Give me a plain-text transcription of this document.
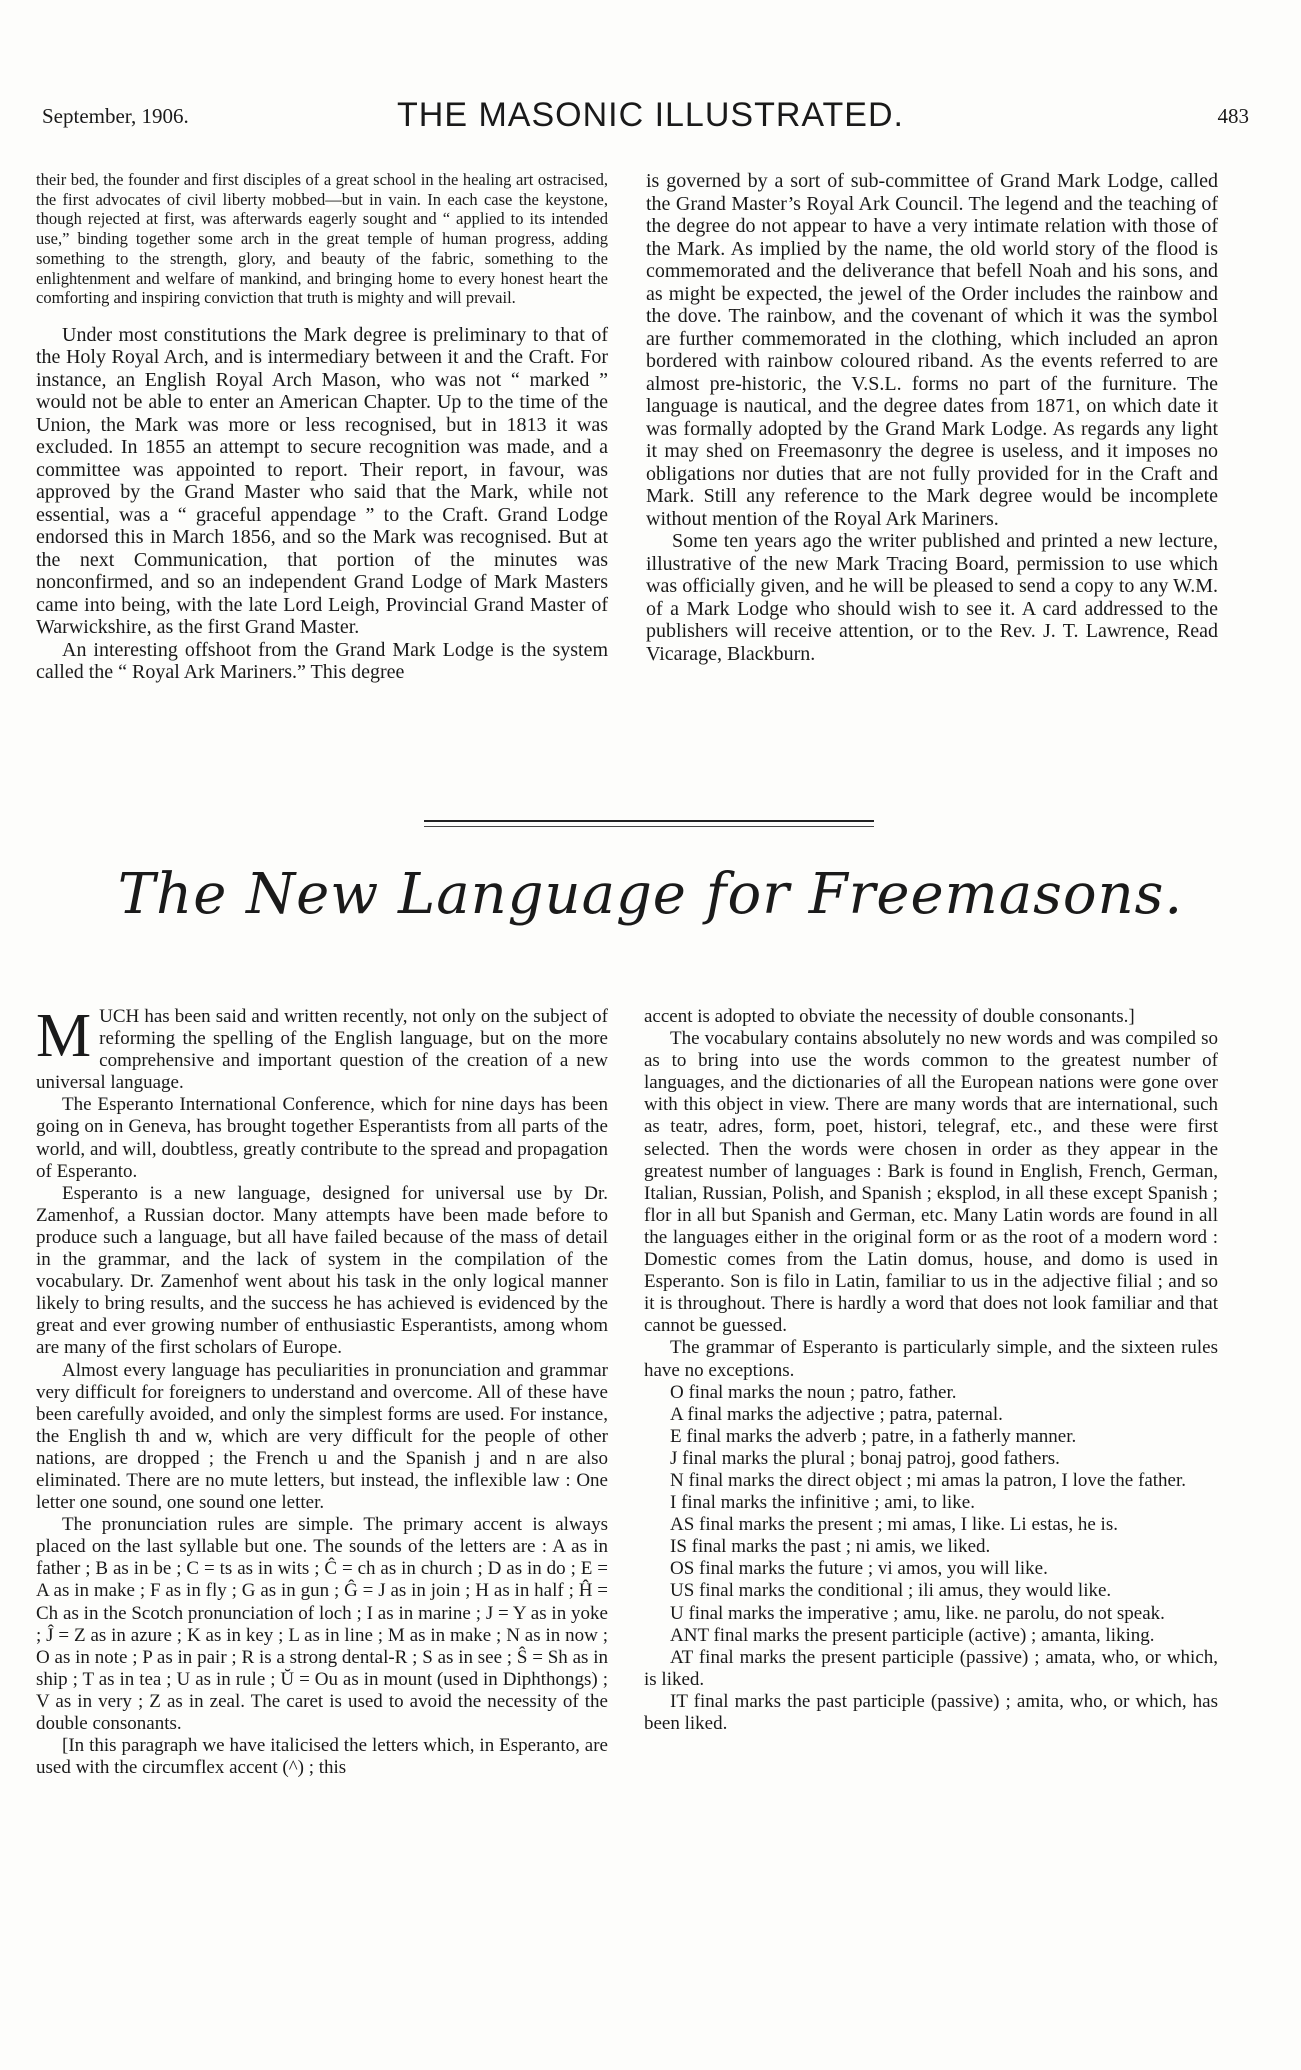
September, 1906.	THE MASONIC ILLUSTRATED.	483

their bed, the founder and first disciples of a great school in the healing art ostracised, the first advocates of civil liberty mobbed—but in vain. In each case the keystone, though rejected at first, was afterwards eagerly sought and “ applied to its intended use,” binding together some arch in the great temple of human progress, adding something to the strength, glory, and beauty of the fabric, something to the enlightenment and welfare of mankind, and bringing home to every honest heart the comforting and inspiring conviction that truth is mighty and will prevail.

Under most constitutions the Mark degree is preliminary to that of the Holy Royal Arch, and is intermediary between it and the Craft. For instance, an English Royal Arch Mason, who was not “ marked ” would not be able to enter an American Chapter. Up to the time of the Union, the Mark was more or less recognised, but in 1813 it was excluded. In 1855 an attempt to secure recognition was made, and a committee was appointed to report. Their report, in favour, was approved by the Grand Master who said that the Mark, while not essential, was a “ graceful appendage ” to the Craft. Grand Lodge endorsed this in March 1856, and so the Mark was recognised. But at the next Communication, that portion of the minutes was nonconfirmed, and so an independent Grand Lodge of Mark Masters came into being, with the late Lord Leigh, Provincial Grand Master of Warwickshire, as the first Grand Master.

An interesting offshoot from the Grand Mark Lodge is the system called the “ Royal Ark Mariners.” This degree

is governed by a sort of sub-committee of Grand Mark Lodge, called the Grand Master’s Royal Ark Council. The legend and the teaching of the degree do not appear to have a very intimate relation with those of the Mark. As implied by the name, the old world story of the flood is commemorated and the deliverance that befell Noah and his sons, and as might be expected, the jewel of the Order includes the rainbow and the dove. The rainbow, and the covenant of which it was the symbol are further commemorated in the clothing, which included an apron bordered with rainbow coloured riband. As the events referred to are almost pre-historic, the V.S.L. forms no part of the furniture. The language is nautical, and the degree dates from 1871, on which date it was formally adopted by the Grand Mark Lodge. As regards any light it may shed on Freemasonry the degree is useless, and it imposes no obligations nor duties that are not fully provided for in the Craft and Mark. Still any reference to the Mark degree would be incomplete without mention of the Royal Ark Mariners.

Some ten years ago the writer published and printed a new lecture, illustrative of the new Mark Tracing Board, permission to use which was officially given, and he will be pleased to send a copy to any W.M. of a Mark Lodge who should wish to see it. A card addressed to the publishers will receive attention, or to the Rev. J. T. Lawrence, Read Vicarage, Blackburn.

The New Language for Freemasons.

MUCH has been said and written recently, not only on the subject of reforming the spelling of the English language, but on the more comprehensive and important question of the creation of a new universal language.

The Esperanto International Conference, which for nine days has been going on in Geneva, has brought together Esperantists from all parts of the world, and will, doubtless, greatly contribute to the spread and propagation of Esperanto.

Esperanto is a new language, designed for universal use by Dr. Zamenhof, a Russian doctor. Many attempts have been made before to produce such a language, but all have failed because of the mass of detail in the grammar, and the lack of system in the compilation of the vocabulary. Dr. Zamenhof went about his task in the only logical manner likely to bring results, and the success he has achieved is evidenced by the great and ever growing number of enthusiastic Esperantists, among whom are many of the first scholars of Europe.

Almost every language has peculiarities in pronunciation and grammar very difficult for foreigners to understand and overcome. All of these have been carefully avoided, and only the simplest forms are used. For instance, the English th and w, which are very difficult for the people of other nations, are dropped ; the French u and the Spanish j and n are also eliminated. There are no mute letters, but instead, the inflexible law : One letter one sound, one sound one letter.

The pronunciation rules are simple. The primary accent is always placed on the last syllable but one. The sounds of the letters are : A as in father ; B as in be ; C = ts as in wits ; Ĉ = ch as in church ; D as in do ; E = A as in make ; F as in fly ; G as in gun ; Ĝ = J as in join ; H as in half ; Ĥ = Ch as in the Scotch pronunciation of loch ; I as in marine ; J = Y as in yoke ; Ĵ = Z as in azure ; K as in key ; L as in line ; M as in make ; N as in now ; O as in note ; P as in pair ; R is a strong dental-R ; S as in see ; Ŝ = Sh as in ship ; T as in tea ; U as in rule ; Ŭ = Ou as in mount (used in Diphthongs) ; V as in very ; Z as in zeal. The caret is used to avoid the necessity of the double consonants.

[In this paragraph we have italicised the letters which, in Esperanto, are used with the circumflex accent (^) ; this

accent is adopted to obviate the necessity of double consonants.]

The vocabulary contains absolutely no new words and was compiled so as to bring into use the words common to the greatest number of languages, and the dictionaries of all the European nations were gone over with this object in view. There are many words that are international, such as teatr, adres, form, poet, histori, telegraf, etc., and these were first selected. Then the words were chosen in order as they appear in the greatest number of languages : Bark is found in English, French, German, Italian, Russian, Polish, and Spanish ; eksplod, in all these except Spanish ; flor in all but Spanish and German, etc. Many Latin words are found in all the languages either in the original form or as the root of a modern word : Domestic comes from the Latin domus, house, and domo is used in Esperanto. Son is filo in Latin, familiar to us in the adjective filial ; and so it is throughout. There is hardly a word that does not look familiar and that cannot be guessed.

The grammar of Esperanto is particularly simple, and the sixteen rules have no exceptions.

O final marks the noun ; patro, father.

A final marks the adjective ; patra, paternal.

E final marks the adverb ; patre, in a fatherly manner.

J final marks the plural ; bonaj patroj, good fathers.

N final marks the direct object ; mi amas la patron, I love the father.

I final marks the infinitive ; ami, to like.

AS final marks the present ; mi amas, I like. Li estas, he is.

IS final marks the past ; ni amis, we liked.

OS final marks the future ; vi amos, you will like.

US final marks the conditional ; ili amus, they would like.

U final marks the imperative ; amu, like. ne parolu, do not speak.

ANT final marks the present participle (active) ; amanta, liking.

AT final marks the present participle (passive) ; amata, who, or which, is liked.

IT final marks the past participle (passive) ; amita, who, or which, has been liked.
